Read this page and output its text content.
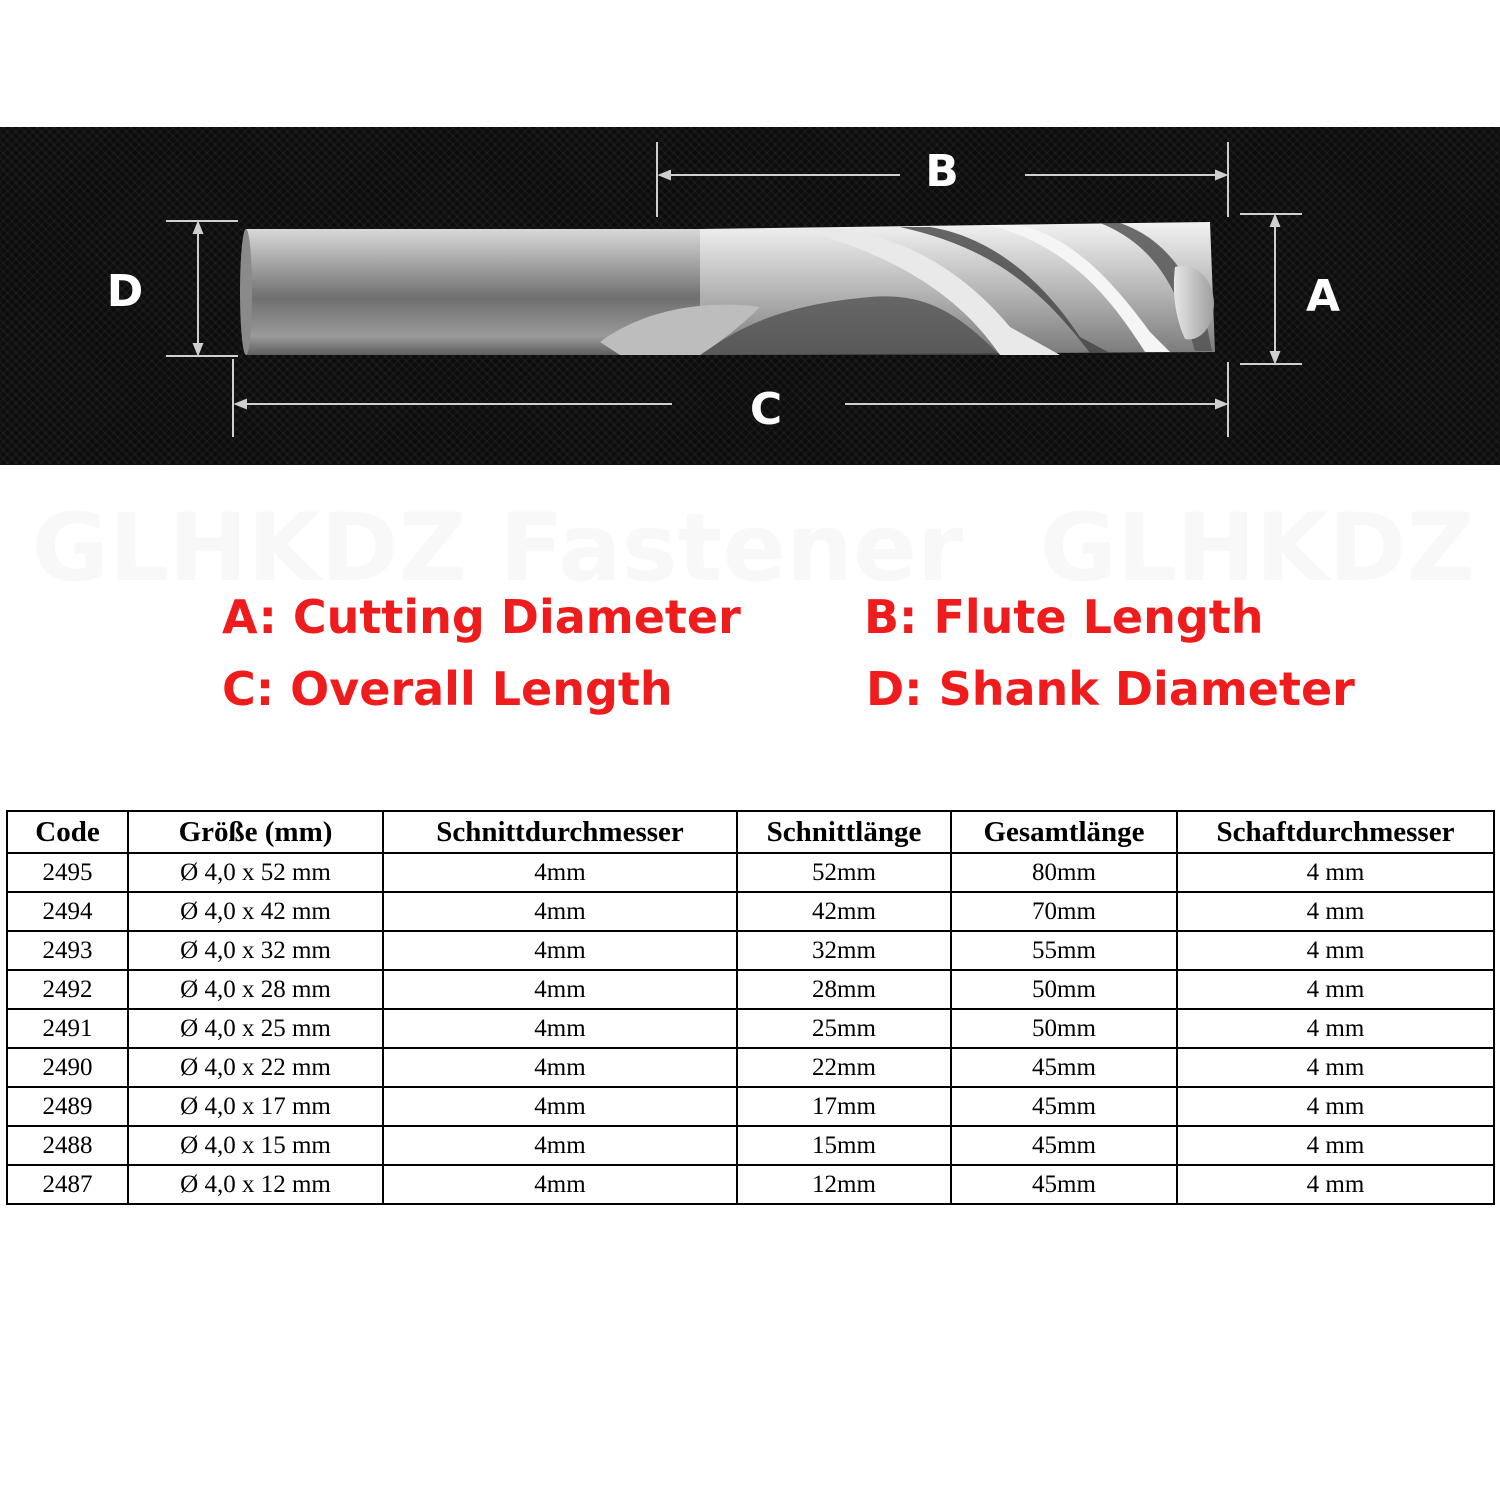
B
D	A
C
GLHKDZ Fastener GLHKDZ
A: Cutting Diameter	B: Flute Length
C: Overall Length	D: Shank Diameter
Code	Größe (mm)	Schnittdurchmesser	Schnittlänge	Gesamtlänge	Schaftdurchmesser
2495	Ø 4,0 x 52 mm	4mm	52mm	80mm	4 mm
2494	Ø 4,0 x 42 mm	4mm	42mm	70mm	4 mm
2493	Ø 4,0 x 32 mm	4mm	32mm	55mm	4 mm
2492	Ø 4,0 x 28 mm	4mm	28mm	50mm	4 mm
2491	Ø 4,0 x 25 mm	4mm	25mm	50mm	4 mm
2490	Ø 4,0 x 22 mm	4mm	22mm	45mm	4 mm
2489	Ø 4,0 x 17 mm	4mm	17mm	45mm	4 mm
2488	Ø 4,0 x 15 mm	4mm	15mm	45mm	4 mm
2487	Ø 4,0 x 12 mm	4mm	12mm	45mm	4 mm
